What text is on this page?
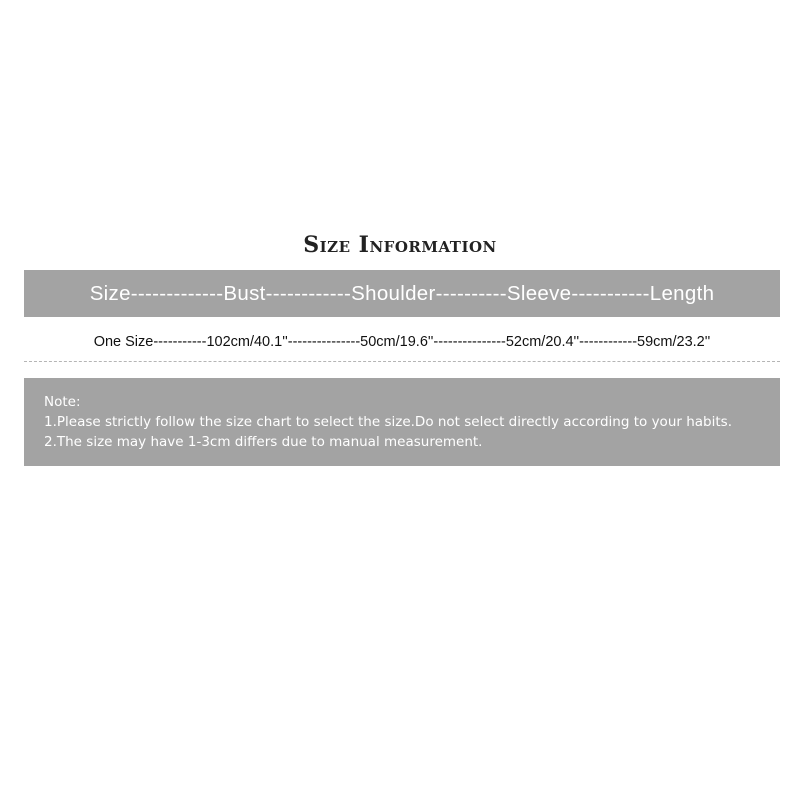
Size Information
Size-------------Bust------------Shoulder----------Sleeve-----------Length
One Size-----------102cm/40.1''---------------50cm/19.6''---------------52cm/20.4''------------59cm/23.2''
Note:
1.Please strictly follow the size chart to select the size.Do not select directly according to your habits.
2.The size may have 1-3cm differs due to manual measurement.
